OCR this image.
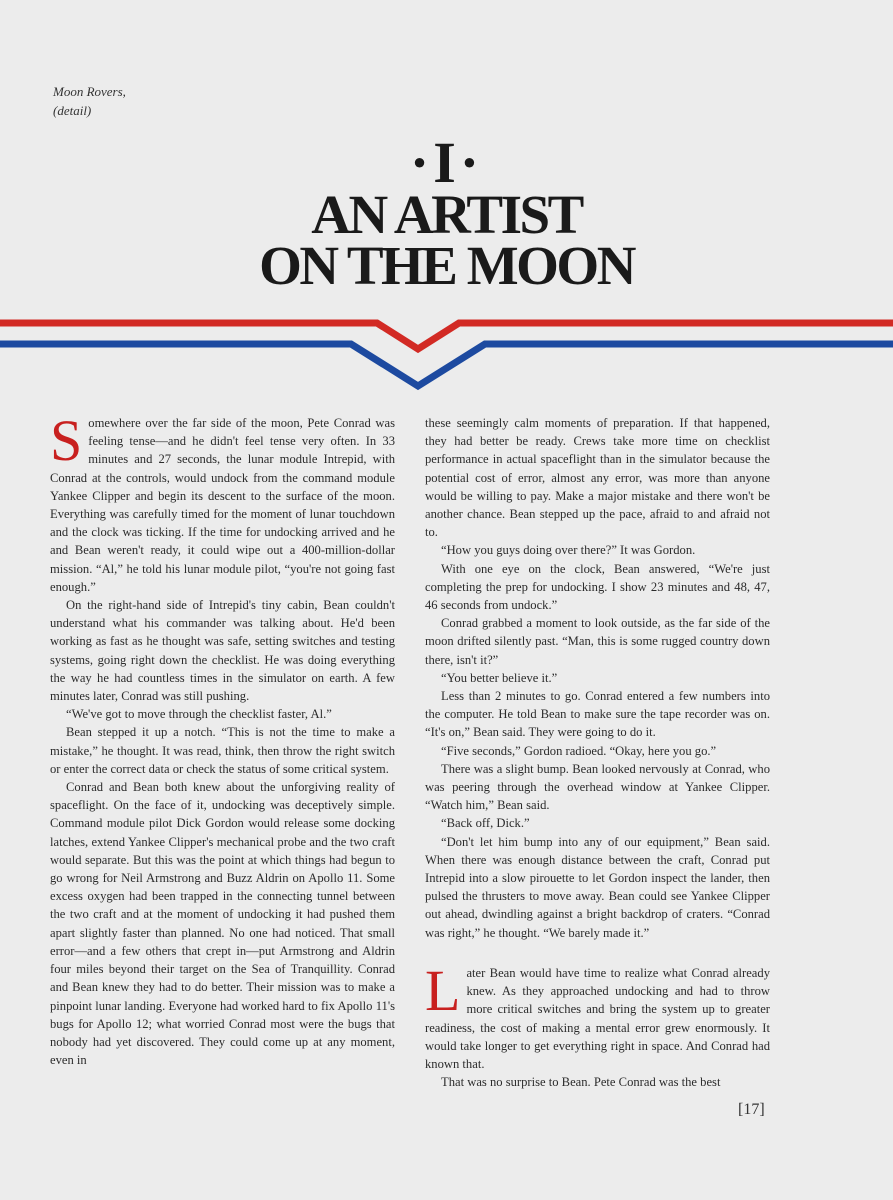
Moon Rovers,
(detail)
·I·
AN ARTIST
ON THE MOON

Somewhere over the far side of the moon, Pete Conrad was feeling tense—and he didn't feel tense very often. In 33 minutes and 27 seconds, the lunar module Intrepid, with Conrad at the controls, would undock from the command module Yankee Clipper and begin its descent to the surface of the moon. Everything was carefully timed for the moment of lunar touchdown and the clock was ticking. If the time for undocking arrived and he and Bean weren't ready, it could wipe out a 400-million-dollar mission. “Al,” he told his lunar module pilot, “you're not going fast enough.”

On the right-hand side of Intrepid's tiny cabin, Bean couldn't understand what his commander was talking about. He'd been working as fast as he thought was safe, setting switches and testing systems, going right down the checklist. He was doing everything the way he had countless times in the simulator on earth. A few minutes later, Conrad was still pushing.

“We've got to move through the checklist faster, Al.”

Bean stepped it up a notch. “This is not the time to make a mistake,” he thought. It was read, think, then throw the right switch or enter the correct data or check the status of some critical system.

Conrad and Bean both knew about the unforgiving reality of spaceflight. On the face of it, undocking was deceptively simple. Command module pilot Dick Gordon would release some docking latches, extend Yankee Clipper's mechanical probe and the two craft would separate. But this was the point at which things had begun to go wrong for Neil Armstrong and Buzz Aldrin on Apollo 11. Some excess oxygen had been trapped in the connecting tunnel between the two craft and at the moment of undocking it had pushed them apart slightly faster than planned. No one had noticed. That small error—and a few others that crept in—put Armstrong and Aldrin four miles beyond their target on the Sea of Tranquillity. Conrad and Bean knew they had to do better. Their mission was to make a pinpoint lunar landing. Everyone had worked hard to fix Apollo 11's bugs for Apollo 12; what worried Conrad most were the bugs that nobody had yet discovered. They could come up at any moment, even in

these seemingly calm moments of preparation. If that happened, they had better be ready. Crews take more time on checklist performance in actual spaceflight than in the simulator because the potential cost of error, almost any error, was more than anyone would be willing to pay. Make a major mistake and there won't be another chance. Bean stepped up the pace, afraid to and afraid not to.

“How you guys doing over there?” It was Gordon.

With one eye on the clock, Bean answered, “We're just completing the prep for undocking. I show 23 minutes and 48, 47, 46 seconds from undock.”

Conrad grabbed a moment to look outside, as the far side of the moon drifted silently past. “Man, this is some rugged country down there, isn't it?”

“You better believe it.”

Less than 2 minutes to go. Conrad entered a few numbers into the computer. He told Bean to make sure the tape recorder was on. “It's on,” Bean said. They were going to do it.

“Five seconds,” Gordon radioed. “Okay, here you go.”

There was a slight bump. Bean looked nervously at Conrad, who was peering through the overhead window at Yankee Clipper. “Watch him,” Bean said.

“Back off, Dick.”

“Don't let him bump into any of our equipment,” Bean said. When there was enough distance between the craft, Conrad put Intrepid into a slow pirouette to let Gordon inspect the lander, then pulsed the thrusters to move away. Bean could see Yankee Clipper out ahead, dwindling against a bright backdrop of craters. “Conrad was right,” he thought. “We barely made it.”

Later Bean would have time to realize what Conrad already knew. As they approached undocking and had to throw more critical switches and bring the system up to greater readiness, the cost of making a mental error grew enormously. It would take longer to get everything right in space. And Conrad had known that.

That was no surprise to Bean. Pete Conrad was the best

[17]
